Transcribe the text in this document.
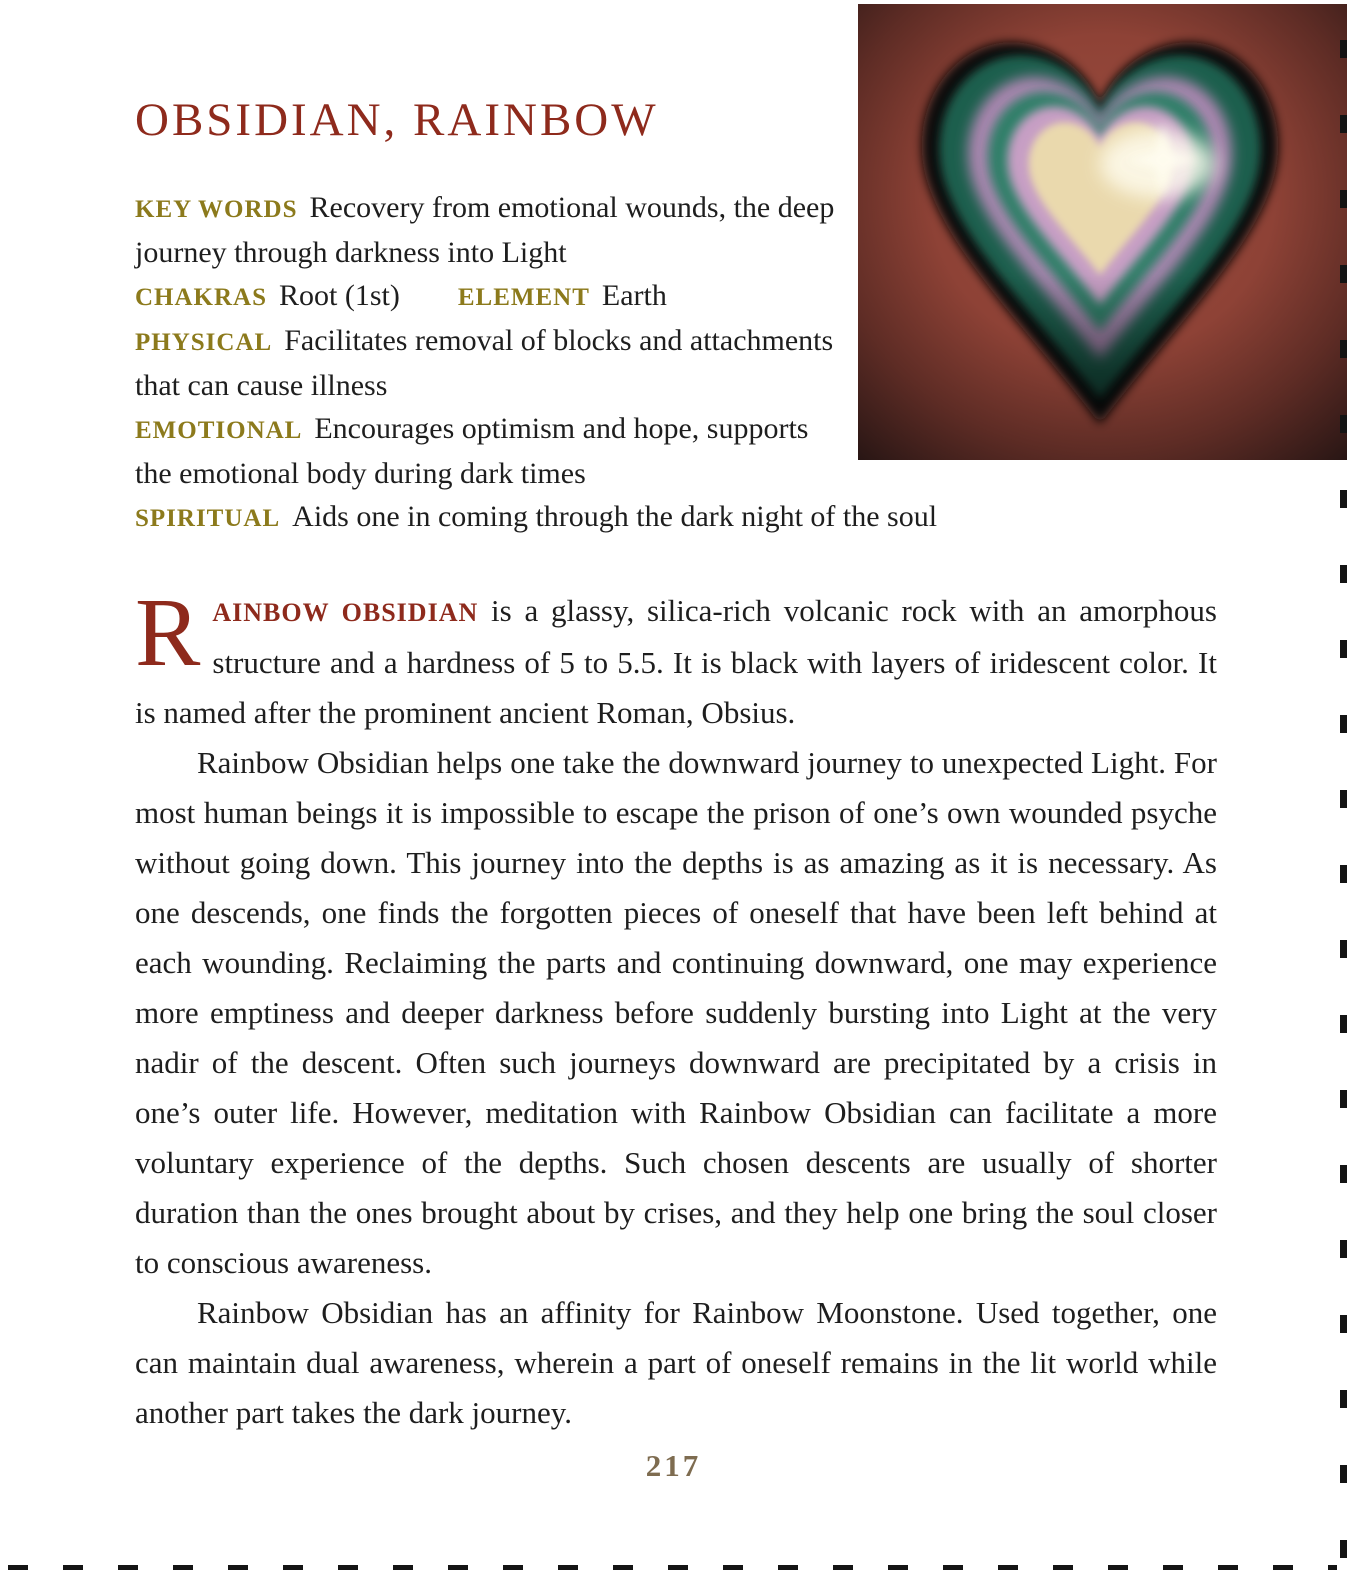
OBSIDIAN, RAINBOW
KEY WORDS Recovery from emotional wounds, the deep journey through darkness into Light
CHAKRAS Root (1st) ELEMENT Earth
PHYSICAL Facilitates removal of blocks and attachments that can cause illness
EMOTIONAL Encourages optimism and hope, supports the emotional body during dark times
SPIRITUAL Aids one in coming through the dark night of the soul

RAINBOW OBSIDIAN is a glassy, silica-rich volcanic rock with an amorphous structure and a hardness of 5 to 5.5. It is black with layers of iridescent color. It is named after the prominent ancient Roman, Obsius.

Rainbow Obsidian helps one take the downward journey to unexpected Light. For most human beings it is impossible to escape the prison of one’s own wounded psyche without going down. This journey into the depths is as amazing as it is necessary. As one descends, one finds the forgotten pieces of oneself that have been left behind at each wounding. Reclaiming the parts and continuing downward, one may experience more emptiness and deeper darkness before suddenly bursting into Light at the very nadir of the descent. Often such journeys downward are precipitated by a crisis in one’s outer life. However, meditation with Rainbow Obsidian can facilitate a more voluntary experience of the depths. Such chosen descents are usually of shorter duration than the ones brought about by crises, and they help one bring the soul closer to conscious awareness.

Rainbow Obsidian has an affinity for Rainbow Moonstone. Used together, one can maintain dual awareness, wherein a part of oneself remains in the lit world while another part takes the dark journey.

217
